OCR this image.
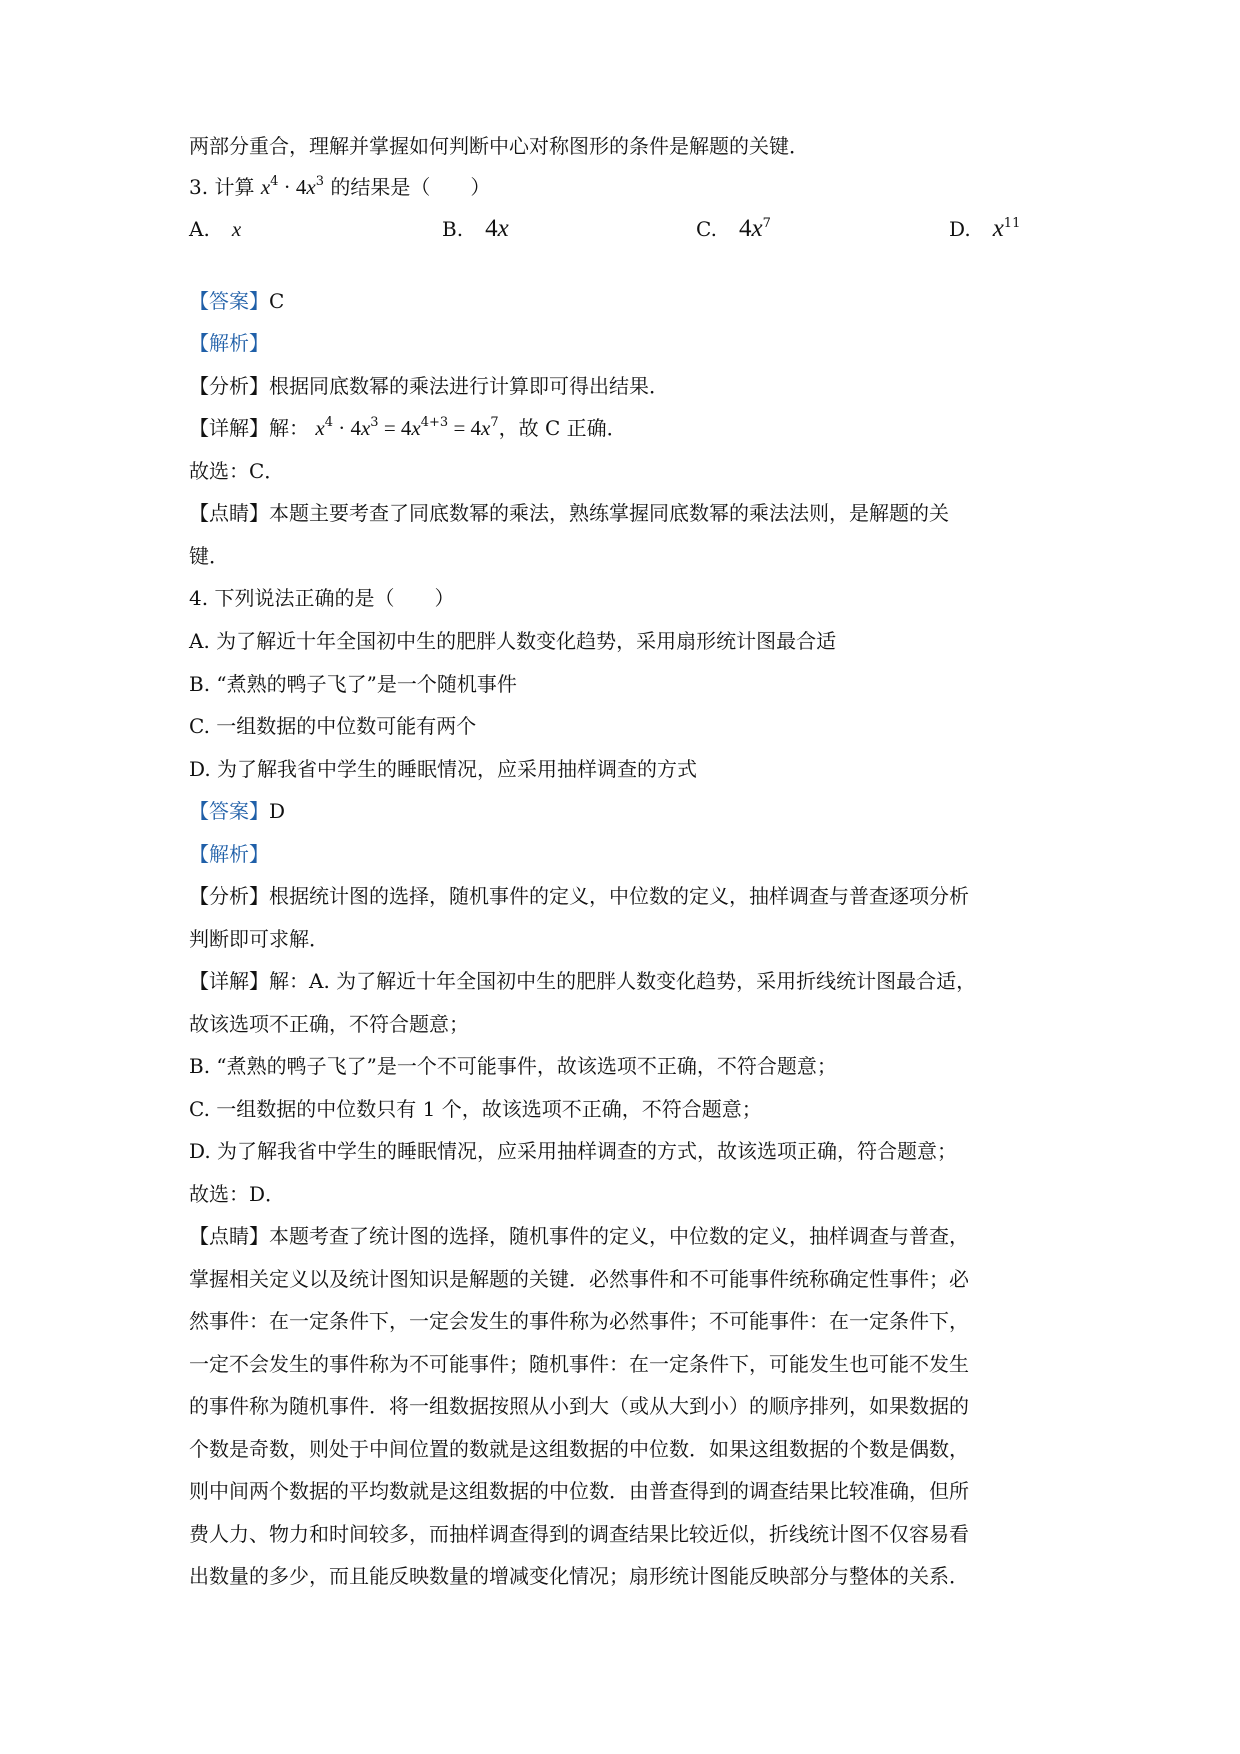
两部分重合，理解并掌握如何判断中心对称图形的条件是解题的关键．
3. 计算 $x^4 \cdot 4x^3$ 的结果是（　　）
A. x	B. 4x	C. $4x^7$	D. $x^{11}$
【答案】C
【解析】
【分析】根据同底数幂的乘法进行计算即可得出结果．
【详解】解： $x^4 \cdot 4x^3 = 4x^{4+3} = 4x^7$，故 C 正确．
故选：C．
【点睛】本题主要考查了同底数幂的乘法，熟练掌握同底数幂的乘法法则，是解题的关
键．
4. 下列说法正确的是（　　）
A. 为了解近十年全国初中生的肥胖人数变化趋势，采用扇形统计图最合适
B. “煮熟的鸭子飞了”是一个随机事件
C. 一组数据的中位数可能有两个
D. 为了解我省中学生的睡眠情况，应采用抽样调查的方式
【答案】D
【解析】
【分析】根据统计图的选择，随机事件的定义，中位数的定义，抽样调查与普查逐项分析
判断即可求解．
【详解】解：A. 为了解近十年全国初中生的肥胖人数变化趋势，采用折线统计图最合适，
故该选项不正确，不符合题意；
B. “煮熟的鸭子飞了”是一个不可能事件，故该选项不正确，不符合题意；
C. 一组数据的中位数只有 1 个，故该选项不正确，不符合题意；
D. 为了解我省中学生的睡眠情况，应采用抽样调查的方式，故该选项正确，符合题意；
故选：D．
【点睛】本题考查了统计图的选择，随机事件的定义，中位数的定义，抽样调查与普查，
掌握相关定义以及统计图知识是解题的关键．必然事件和不可能事件统称确定性事件；必
然事件：在一定条件下，一定会发生的事件称为必然事件；不可能事件：在一定条件下，
一定不会发生的事件称为不可能事件；随机事件：在一定条件下，可能发生也可能不发生
的事件称为随机事件．将一组数据按照从小到大（或从大到小）的顺序排列，如果数据的
个数是奇数，则处于中间位置的数就是这组数据的中位数．如果这组数据的个数是偶数，
则中间两个数据的平均数就是这组数据的中位数．由普查得到的调查结果比较准确，但所
费人力、物力和时间较多，而抽样调查得到的调查结果比较近似，折线统计图不仅容易看
出数量的多少，而且能反映数量的增减变化情况；扇形统计图能反映部分与整体的关系．
